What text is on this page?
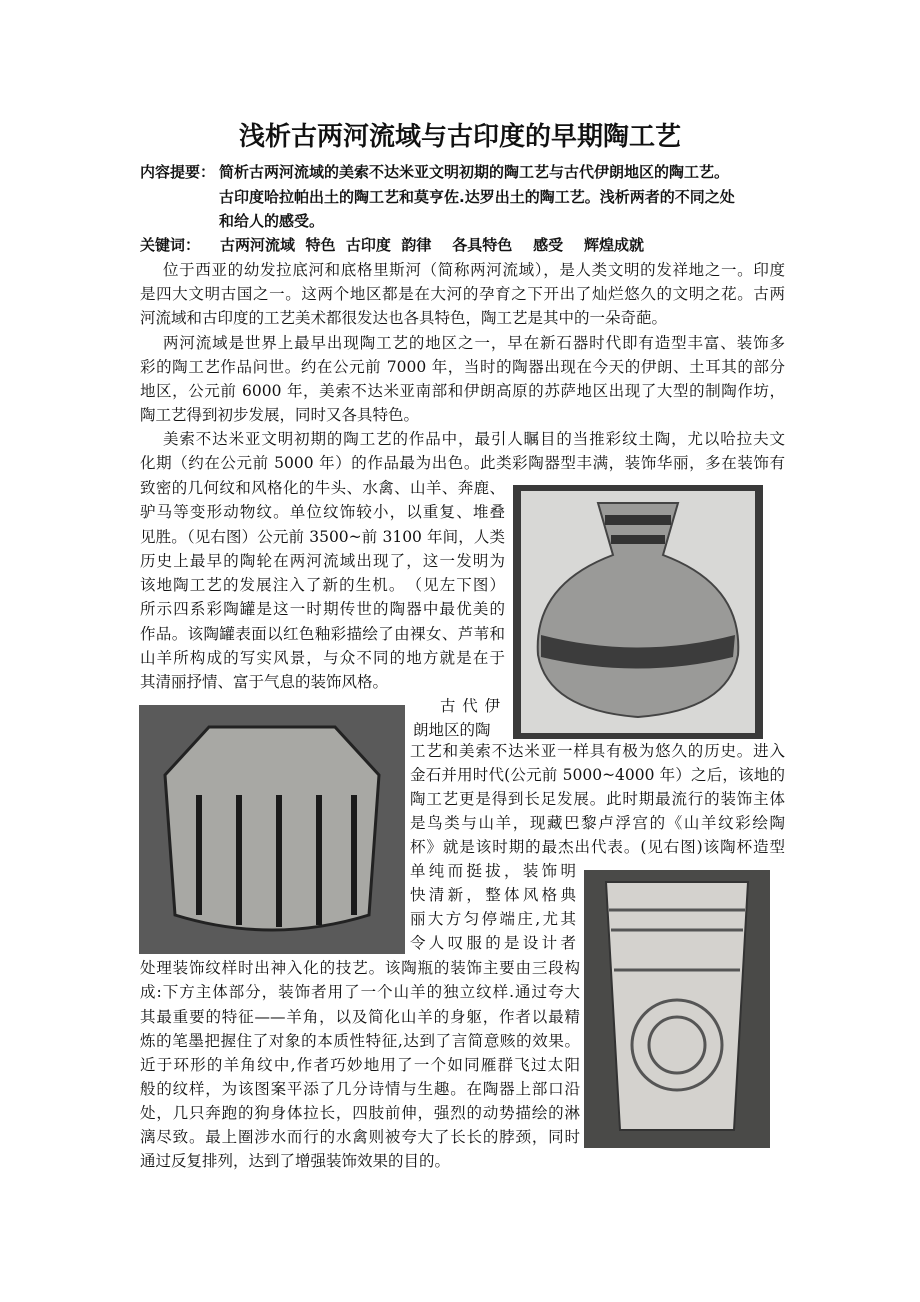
浅析古两河流域与古印度的早期陶工艺
内容提要： 简析古两河流域的美索不达米亚文明初期的陶工艺与古代伊朗地区的陶工艺。
古印度哈拉帕出土的陶工艺和莫亨佐.达罗出土的陶工艺。浅析两者的不同之处
和给人的感受。
关键词： 古两河流域  特色  古印度  韵律    各具特色    感受    辉煌成就
位于西亚的幼发拉底河和底格里斯河（简称两河流域），是人类文明的发祥地之一。印度
是四大文明古国之一。这两个地区都是在大河的孕育之下开出了灿烂悠久的文明之花。古两
河流域和古印度的工艺美术都很发达也各具特色，陶工艺是其中的一朵奇葩。
两河流域是世界上最早出现陶工艺的地区之一，早在新石器时代即有造型丰富、装饰多
彩的陶工艺作品问世。约在公元前 7000 年，当时的陶器出现在今天的伊朗、土耳其的部分
地区，公元前 6000 年，美索不达米亚南部和伊朗高原的苏萨地区出现了大型的制陶作坊，
陶工艺得到初步发展，同时又各具特色。
美索不达米亚文明初期的陶工艺的作品中，最引人瞩目的当推彩纹土陶，尤以哈拉夫文
化期（约在公元前 5000 年）的作品最为出色。此类彩陶器型丰满，装饰华丽，多在装饰有
致密的几何纹和风格化的牛头、水禽、山羊、奔鹿、
驴马等变形动物纹。单位纹饰较小，以重复、堆叠
见胜。（见右图）公元前 3500~前 3100 年间，人类
历史上最早的陶轮在两河流域出现了，这一发明为
该地陶工艺的发展注入了新的生机。　（见左下图）
所示四系彩陶罐是这一时期传世的陶器中最优美的
作品。该陶罐表面以红色釉彩描绘了由裸女、芦苇和
山羊所构成的写实风景，与众不同的地方就是在于
其清丽抒情、富于气息的装饰风格。
古 代 伊
朗地区的陶
工艺和美索不达米亚一样具有极为悠久的历史。进入
金石并用时代(公元前 5000~4000 年）之后，该地的
陶工艺更是得到长足发展。此时期最流行的装饰主体
是鸟类与山羊，现藏巴黎卢浮宫的《山羊纹彩绘陶
杯》就是该时期的最杰出代表。(见右图)该陶杯造型
单纯而挺拔，装饰明
快清新，整体风格典
丽大方匀停端庄,尤其
令人叹服的是设计者
处理装饰纹样时出神入化的技艺。该陶瓶的装饰主要由三段构
成:下方主体部分，装饰者用了一个山羊的独立纹样.通过夸大
其最重要的特征——羊角，以及简化山羊的身躯，作者以最精
炼的笔墨把握住了对象的本质性特征,达到了言简意赅的效果。
近于环形的羊角纹中,作者巧妙地用了一个如同雁群飞过太阳
般的纹样，为该图案平添了几分诗情与生趣。在陶器上部口沿
处，几只奔跑的狗身体拉长，四肢前伸，强烈的动势描绘的淋
漓尽致。最上圈涉水而行的水禽则被夸大了长长的脖颈，同时
通过反复排列，达到了增强装饰效果的目的。
